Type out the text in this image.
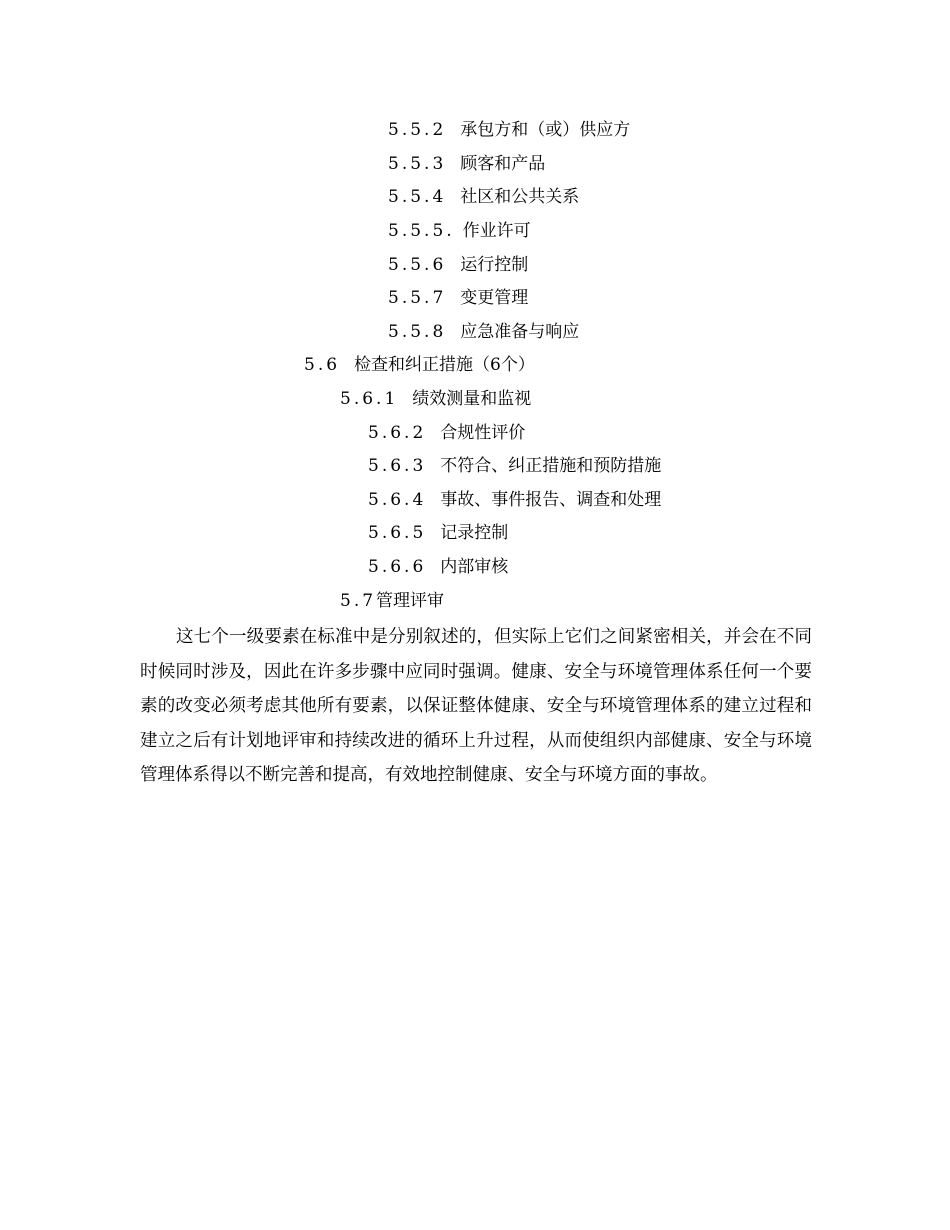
5.5.2 承包方和（或）供应方
5.5.3 顾客和产品
5.5.4 社区和公共关系
5.5.5. 作业许可
5.5.6 运行控制
5.5.7 变更管理
5.5.8 应急准备与响应
5.6 检查和纠正措施（6个）
5.6.1 绩效测量和监视
5.6.2 合规性评价
5.6.3 不符合、纠正措施和预防措施
5.6.4 事故、事件报告、调查和处理
5.6.5 记录控制
5.6.6 内部审核
5.7管理评审

这七个一级要素在标准中是分别叙述的，但实际上它们之间紧密相关，并会在不同时候同时涉及，因此在许多步骤中应同时强调。健康、安全与环境管理体系任何一个要素的改变必须考虑其他所有要素，以保证整体健康、安全与环境管理体系的建立过程和建立之后有计划地评审和持续改进的循环上升过程，从而使组织内部健康、安全与环境管理体系得以不断完善和提高，有效地控制健康、安全与环境方面的事故。
